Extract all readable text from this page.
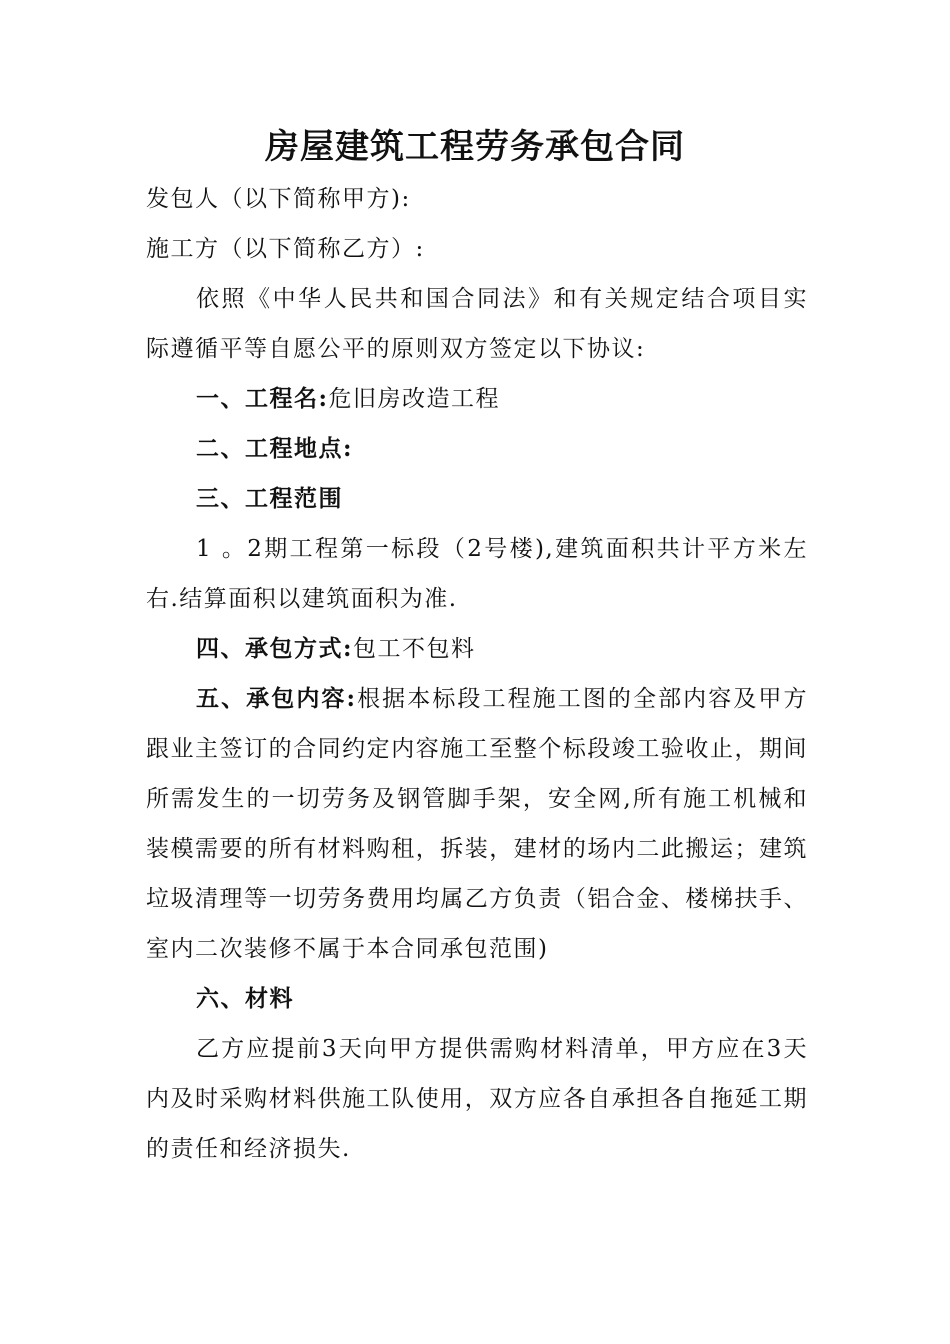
房屋建筑工程劳务承包合同

发包人（以下简称甲方):

施工方（以下简称乙方）:

依照《中华人民共和国合同法》和有关规定结合项目实际遵循平等自愿公平的原则双方签定以下协议:

一、工程名:危旧房改造工程

二、工程地点:

三、工程范围

1 。2期工程第一标段（2号楼),建筑面积共计平方米左右.结算面积以建筑面积为准.

四、承包方式:包工不包料

五、承包内容:根据本标段工程施工图的全部内容及甲方跟业主签订的合同约定内容施工至整个标段竣工验收止，期间所需发生的一切劳务及钢管脚手架，安全网,所有施工机械和装模需要的所有材料购租，拆装，建材的场内二此搬运；建筑垃圾清理等一切劳务费用均属乙方负责（铝合金、楼梯扶手、室内二次装修不属于本合同承包范围)

六、材料

乙方应提前3天向甲方提供需购材料清单，甲方应在3天内及时采购材料供施工队使用，双方应各自承担各自拖延工期的责任和经济损失.
